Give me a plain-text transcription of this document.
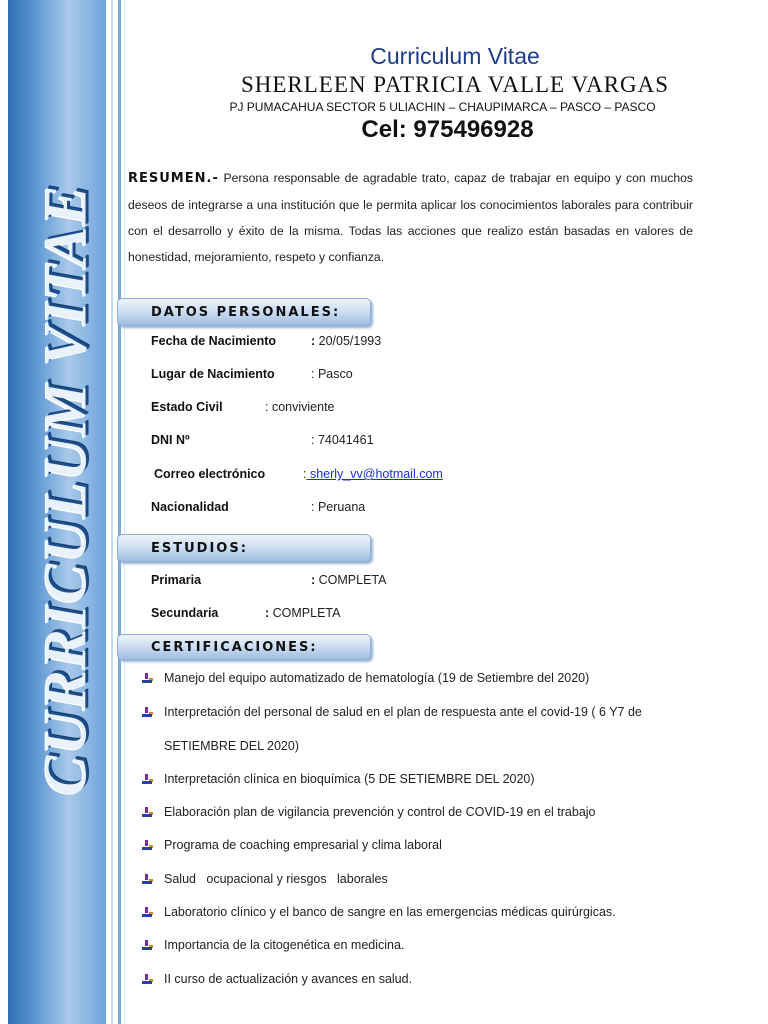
CURRICULUM VITAE
Curriculum Vitae
SHERLEEN PATRICIA VALLE VARGAS
PJ PUMACAHUA SECTOR 5 ULIACHIN – CHAUPIMARCA – PASCO – PASCO
Cel: 975496928
RESUMEN.- Persona responsable de agradable trato, capaz de trabajar en equipo y con muchos deseos de integrarse a una institución que le permita aplicar los conocimientos laborales para contribuir con el desarrollo y éxito de la misma. Todas las acciones que realizo están basadas en valores de honestidad, mejoramiento, respeto y confianza.
DATOS PERSONALES:
Fecha de Nacimiento	: 20/05/1993
Lugar de Nacimiento	: Pasco
Estado Civil	: conviviente
DNI Nº	: 74041461
Correo electrónico	: sherly_vv@hotmail.com
Nacionalidad	: Peruana
ESTUDIOS:
Primaria	: COMPLETA
Secundaria	: COMPLETA
CERTIFICACIONES:
Manejo del equipo automatizado de hematología (19 de Setiembre del 2020)
Interpretación del personal de salud en el plan de respuesta ante el covid-19 ( 6 Y7 de
SETIEMBRE DEL 2020)
Interpretación clínica en bioquímica (5 DE SETIEMBRE DEL 2020)
Elaboración plan de vigilancia prevención y control de COVID-19 en el trabajo
Programa de coaching empresarial y clima laboral
Salud   ocupacional y riesgos   laborales
Laboratorio clínico y el banco de sangre en las emergencias médicas quirúrgicas.
Importancia de la citogenética en medicina.
II curso de actualización y avances en salud.
